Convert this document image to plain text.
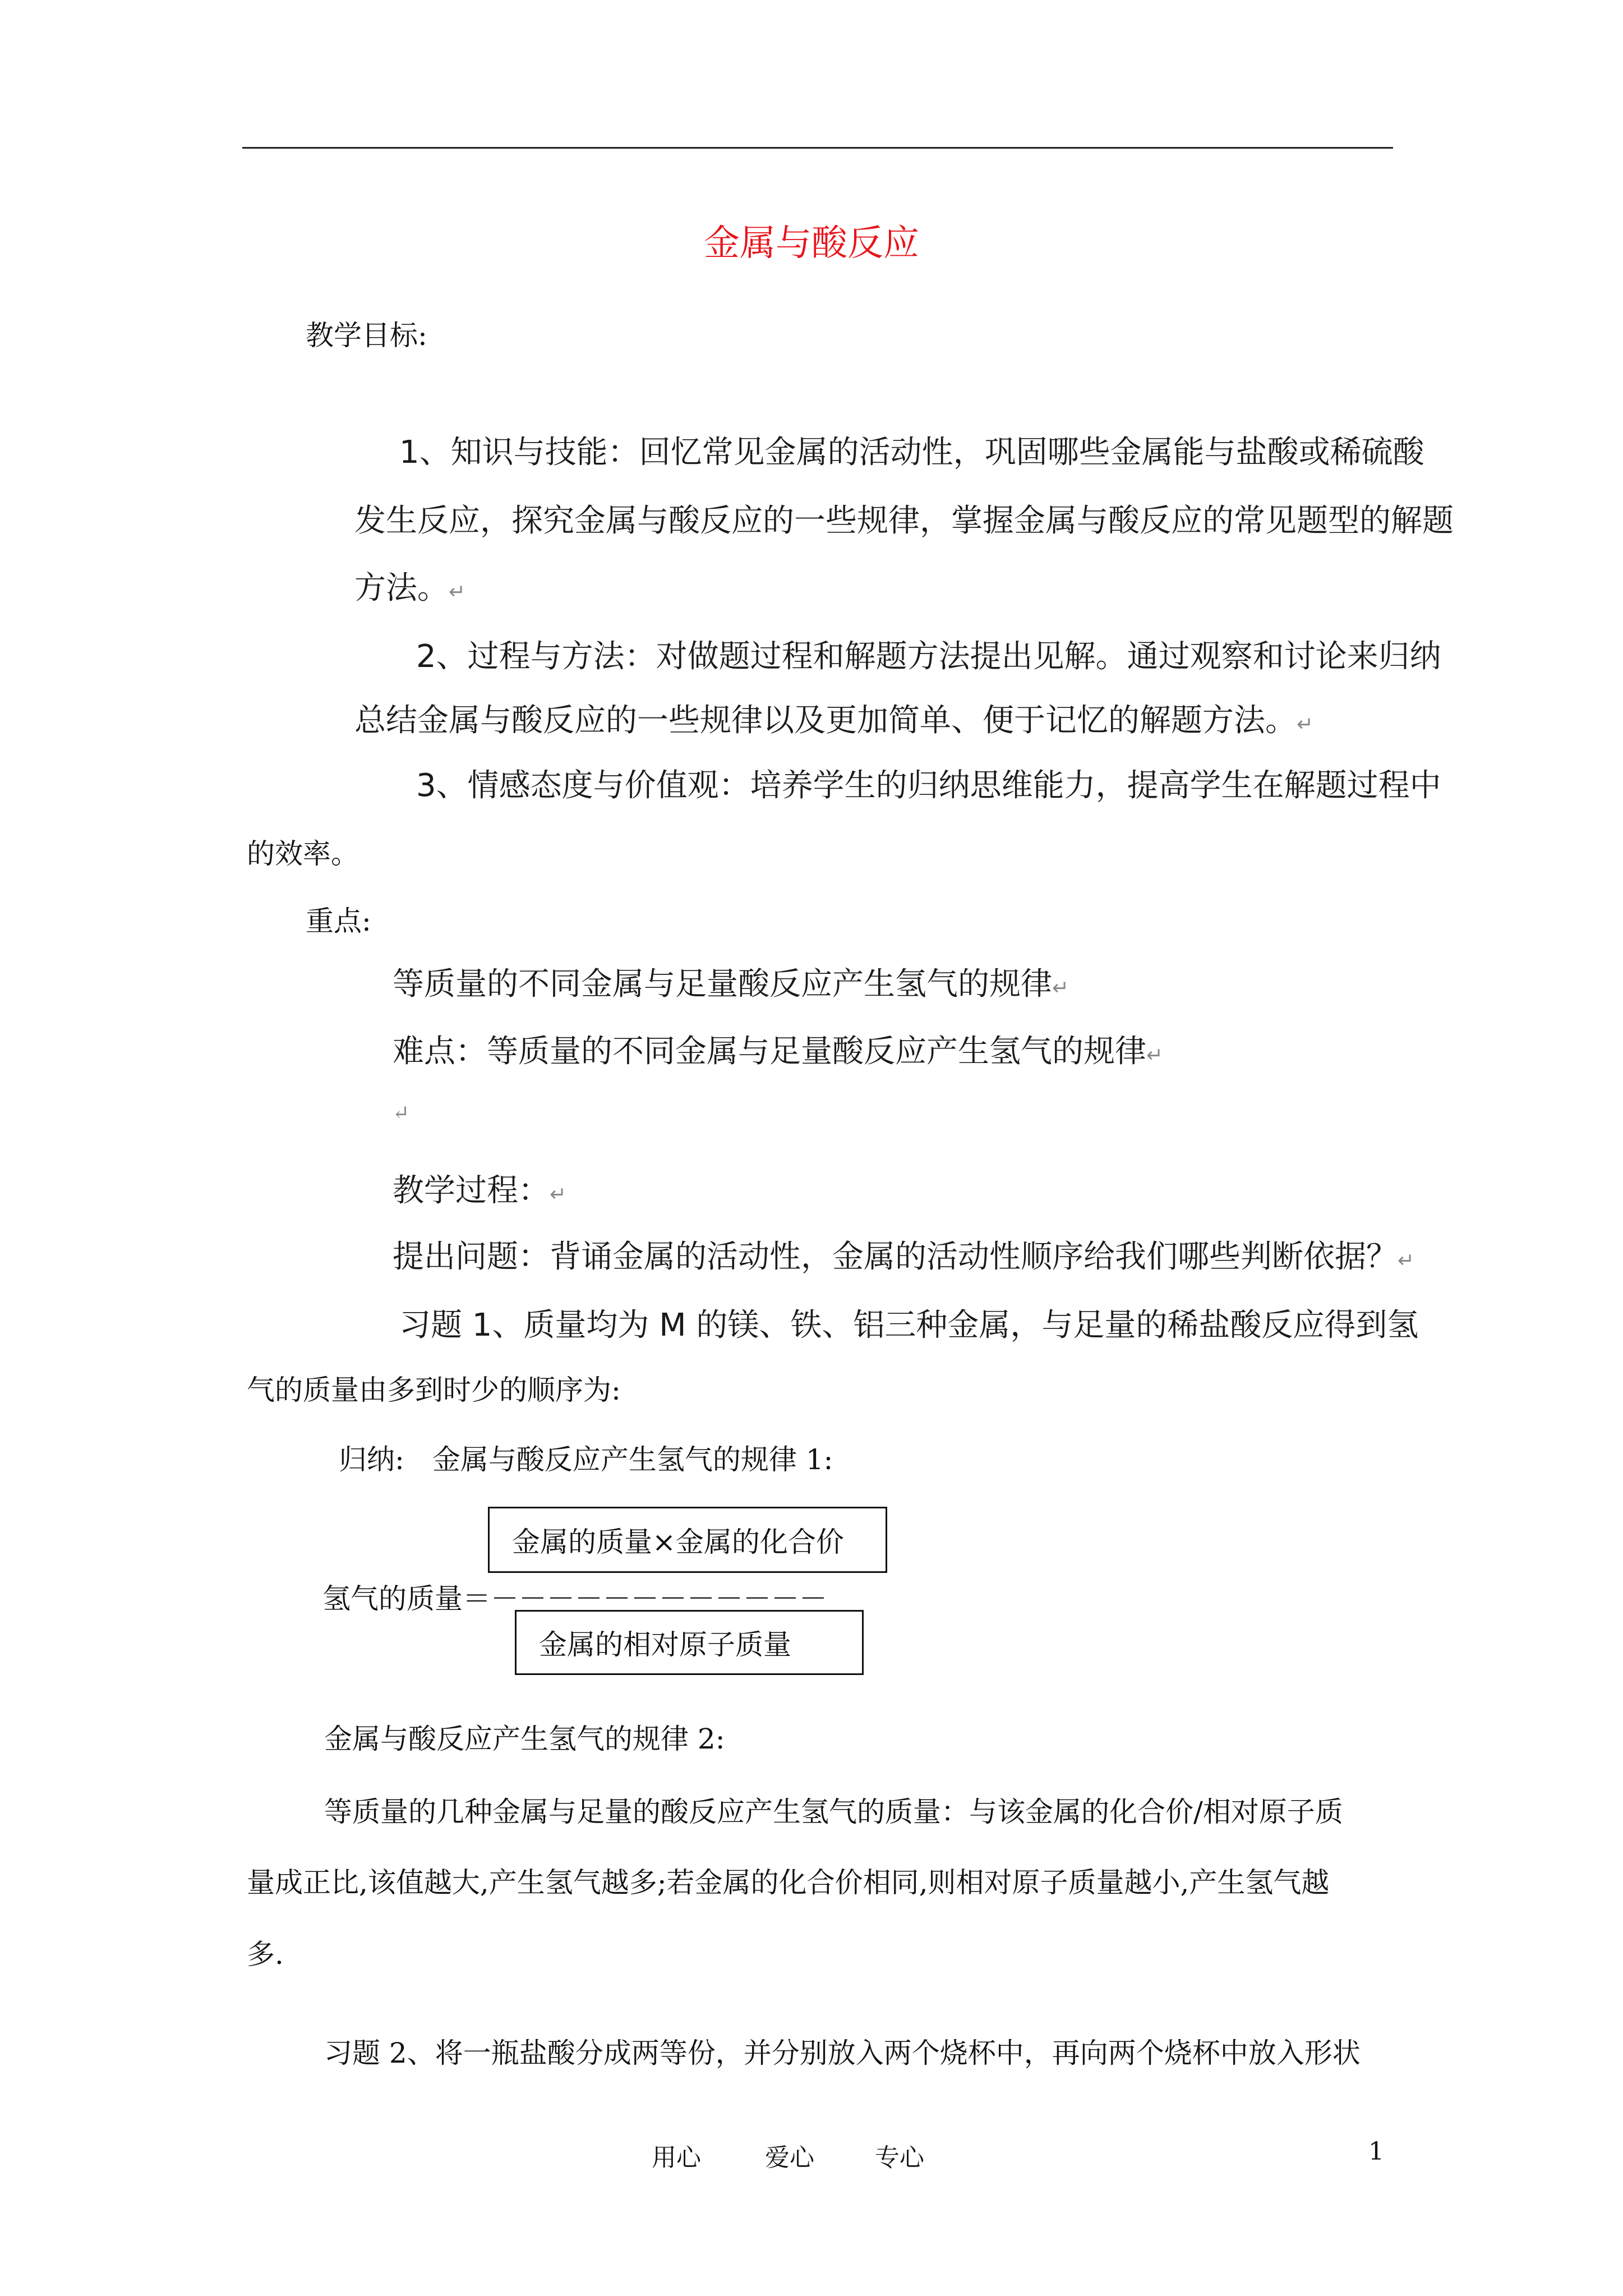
金属与酸反应
教学目标:
1、知识与技能：回忆常见金属的活动性，巩固哪些金属能与盐酸或稀硫酸
发生反应，探究金属与酸反应的一些规律，掌握金属与酸反应的常见题型的解题
方法。↵
2、过程与方法：对做题过程和解题方法提出见解。通过观察和讨论来归纳
总结金属与酸反应的一些规律以及更加简单、便于记忆的解题方法。↵
3、情感态度与价值观：培养学生的归纳思维能力，提高学生在解题过程中
的效率。
重点:
等质量的不同金属与足量酸反应产生氢气的规律↵
难点：等质量的不同金属与足量酸反应产生氢气的规律↵
↵
教学过程：↵
提出问题：背诵金属的活动性，金属的活动性顺序给我们哪些判断依据？↵
习题 1、质量均为 M 的镁、铁、铝三种金属，与足量的稀盐酸反应得到氢
气的质量由多到时少的顺序为:
归纳:　金属与酸反应产生氢气的规律 1:
金属的质量×金属的化合价
氢气的质量＝－－－－－－－－－－－－
金属的相对原子质量
金属与酸反应产生氢气的规律 2:
等质量的几种金属与足量的酸反应产生氢气的质量：与该金属的化合价/相对原子质
量成正比,该值越大,产生氢气越多;若金属的化合价相同,则相对原子质量越小,产生氢气越
多.
习题 2、将一瓶盐酸分成两等份，并分别放入两个烧杯中，再向两个烧杯中放入形状
用心	爱心 专心	1
